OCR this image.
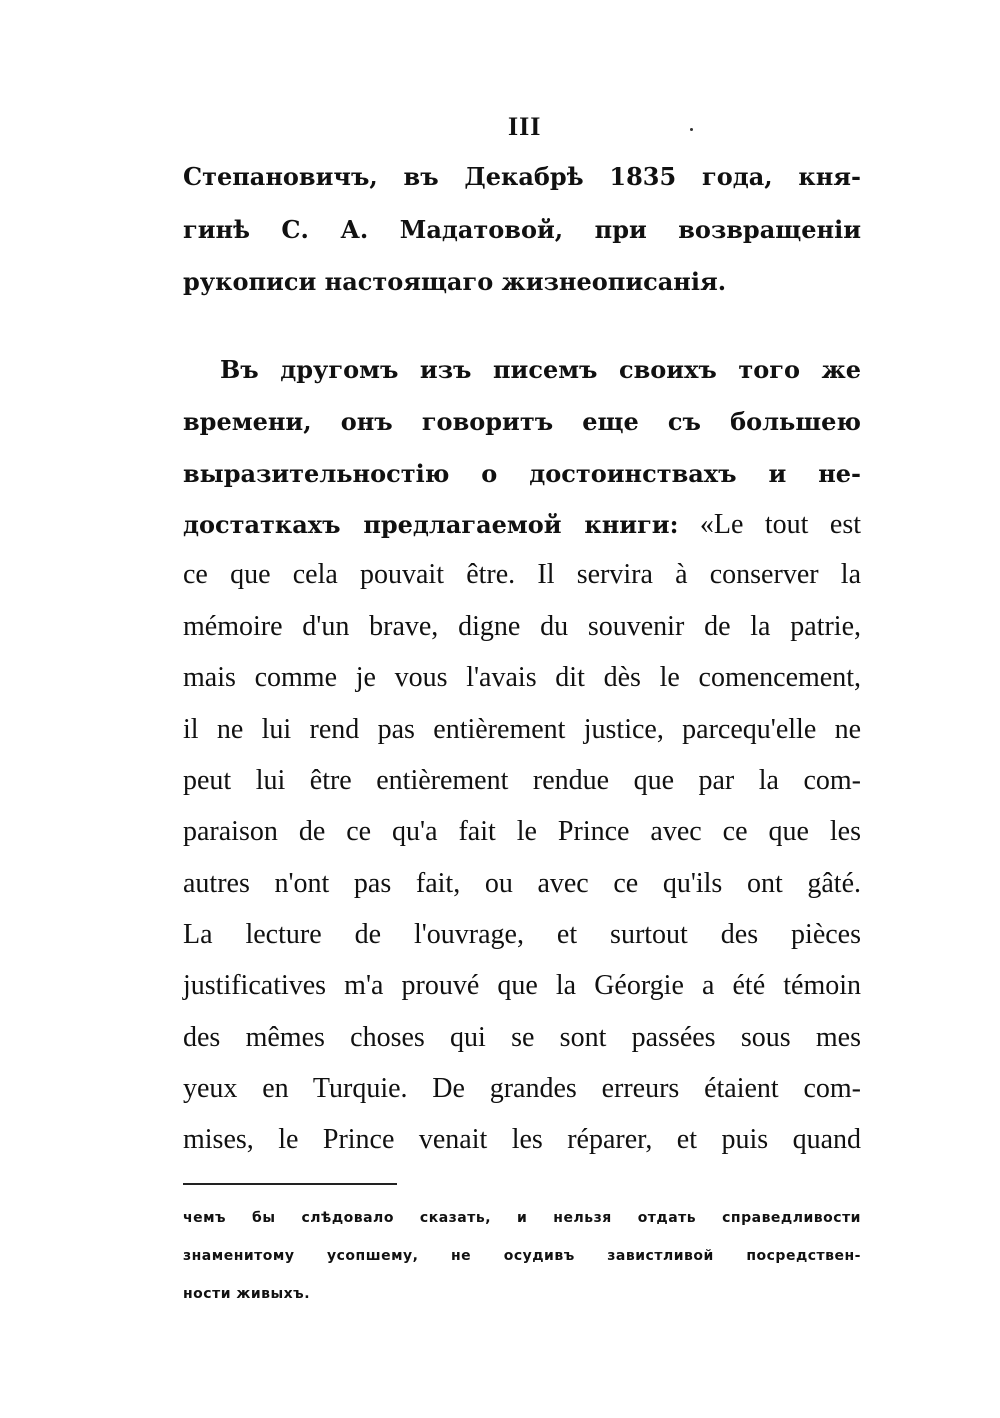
III

Степановичъ, въ Декабрѣ 1835 года, кня-

гинѣ С. А. Мадатовой, при возвращеніи

рукописи настоящаго жизнеописанія.

Въ другомъ изъ писемъ своихъ того же

времени, онъ говоритъ еще съ большею

выразительностію о достоинствахъ и не-

достаткахъ предлагаемой книги: «Le tout est

ce que cela pouvait être. Il servira à conserver la

mémoire d'un brave, digne du souvenir de la patrie,

mais comme je vous l'avais dit dès le comencement,

il ne lui rend pas entièrement justice, parcequ'elle ne

peut lui être entièrement rendue que par la com-

paraison de ce qu'a fait le Prince avec ce que les

autres n'ont pas fait, ou avec ce qu'ils ont gâté.

La lecture de l'ouvrage, et surtout des pièces

justificatives m'a prouvé que la Géorgie a été témoin

des mêmes choses qui se sont passées sous mes

yeux en Turquie. De grandes erreurs étaient com-

mises, le Prince venait les réparer, et puis quand

чемъ бы слѣдовало сказать, и нельзя отдать справедливости

знаменитому усопшему, не осудивъ завистливой посредствен-

ности живыхъ.
